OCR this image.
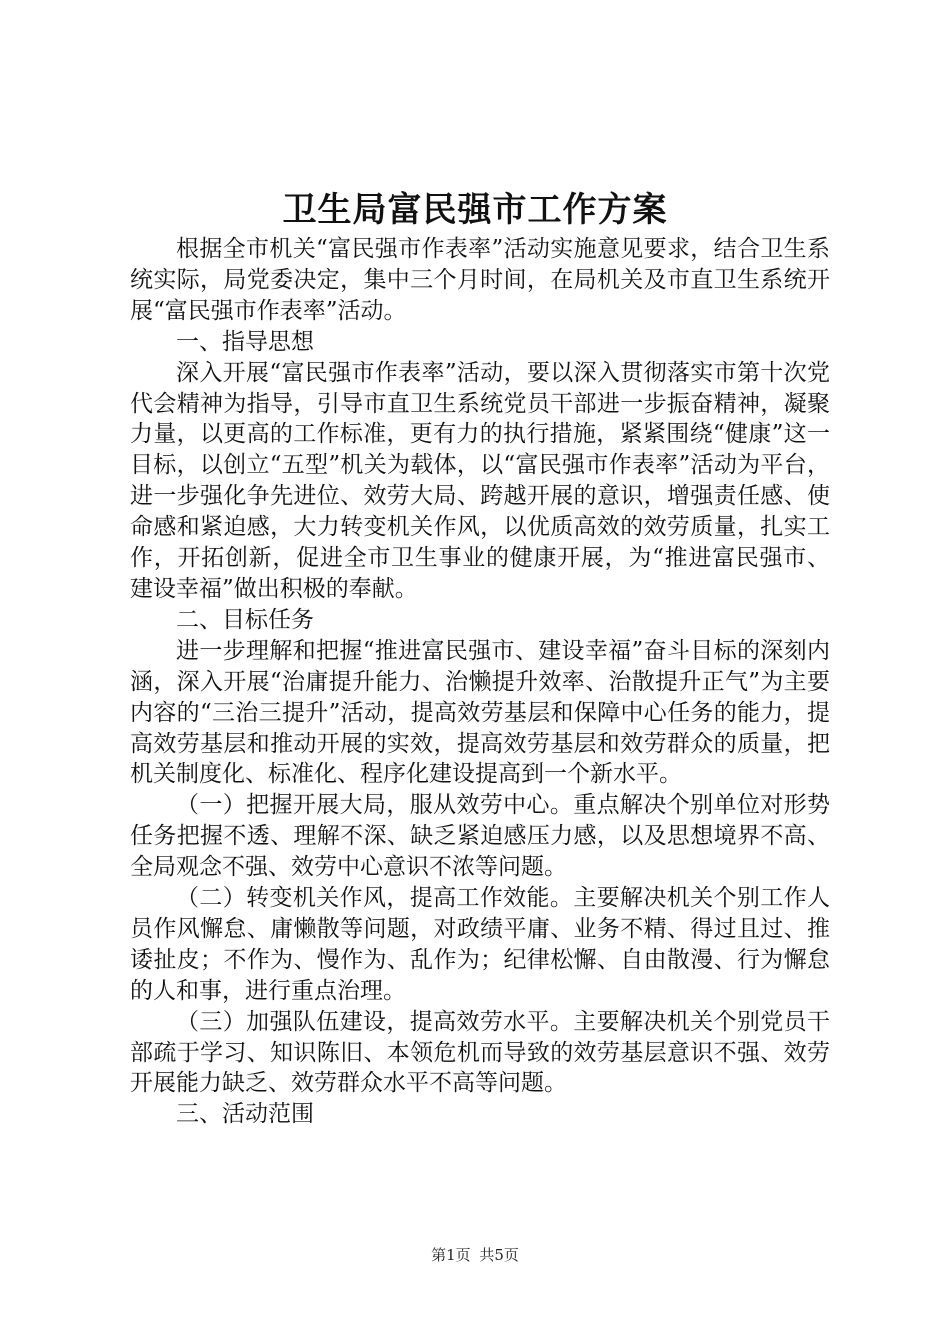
卫生局富民强市工作方案

根据全市机关“富民强市作表率”活动实施意见要求，结合卫生系统实际，局党委决定，集中三个月时间，在局机关及市直卫生系统开展“富民强市作表率”活动。

一、指导思想

深入开展“富民强市作表率”活动，要以深入贯彻落实市第十次党代会精神为指导，引导市直卫生系统党员干部进一步振奋精神，凝聚力量，以更高的工作标准，更有力的执行措施，紧紧围绕“健康”这一目标，以创立“五型”机关为载体，以“富民强市作表率”活动为平台，进一步强化争先进位、效劳大局、跨越开展的意识，增强责任感、使命感和紧迫感，大力转变机关作风，以优质高效的效劳质量，扎实工作，开拓创新，促进全市卫生事业的健康开展，为“推进富民强市、建设幸福”做出积极的奉献。

二、目标任务

进一步理解和把握“推进富民强市、建设幸福”奋斗目标的深刻内涵，深入开展“治庸提升能力、治懒提升效率、治散提升正气”为主要内容的“三治三提升”活动，提高效劳基层和保障中心任务的能力，提高效劳基层和推动开展的实效，提高效劳基层和效劳群众的质量，把机关制度化、标准化、程序化建设提高到一个新水平。

（一）把握开展大局，服从效劳中心。重点解决个别单位对形势任务把握不透、理解不深、缺乏紧迫感压力感，以及思想境界不高、全局观念不强、效劳中心意识不浓等问题。

（二）转变机关作风，提高工作效能。主要解决机关个别工作人员作风懈怠、庸懒散等问题，对政绩平庸、业务不精、得过且过、推诿扯皮；不作为、慢作为、乱作为；纪律松懈、自由散漫、行为懈怠的人和事，进行重点治理。

（三）加强队伍建设，提高效劳水平。主要解决机关个别党员干部疏于学习、知识陈旧、本领危机而导致的效劳基层意识不强、效劳开展能力缺乏、效劳群众水平不高等问题。

三、活动范围

第1页 共5页
